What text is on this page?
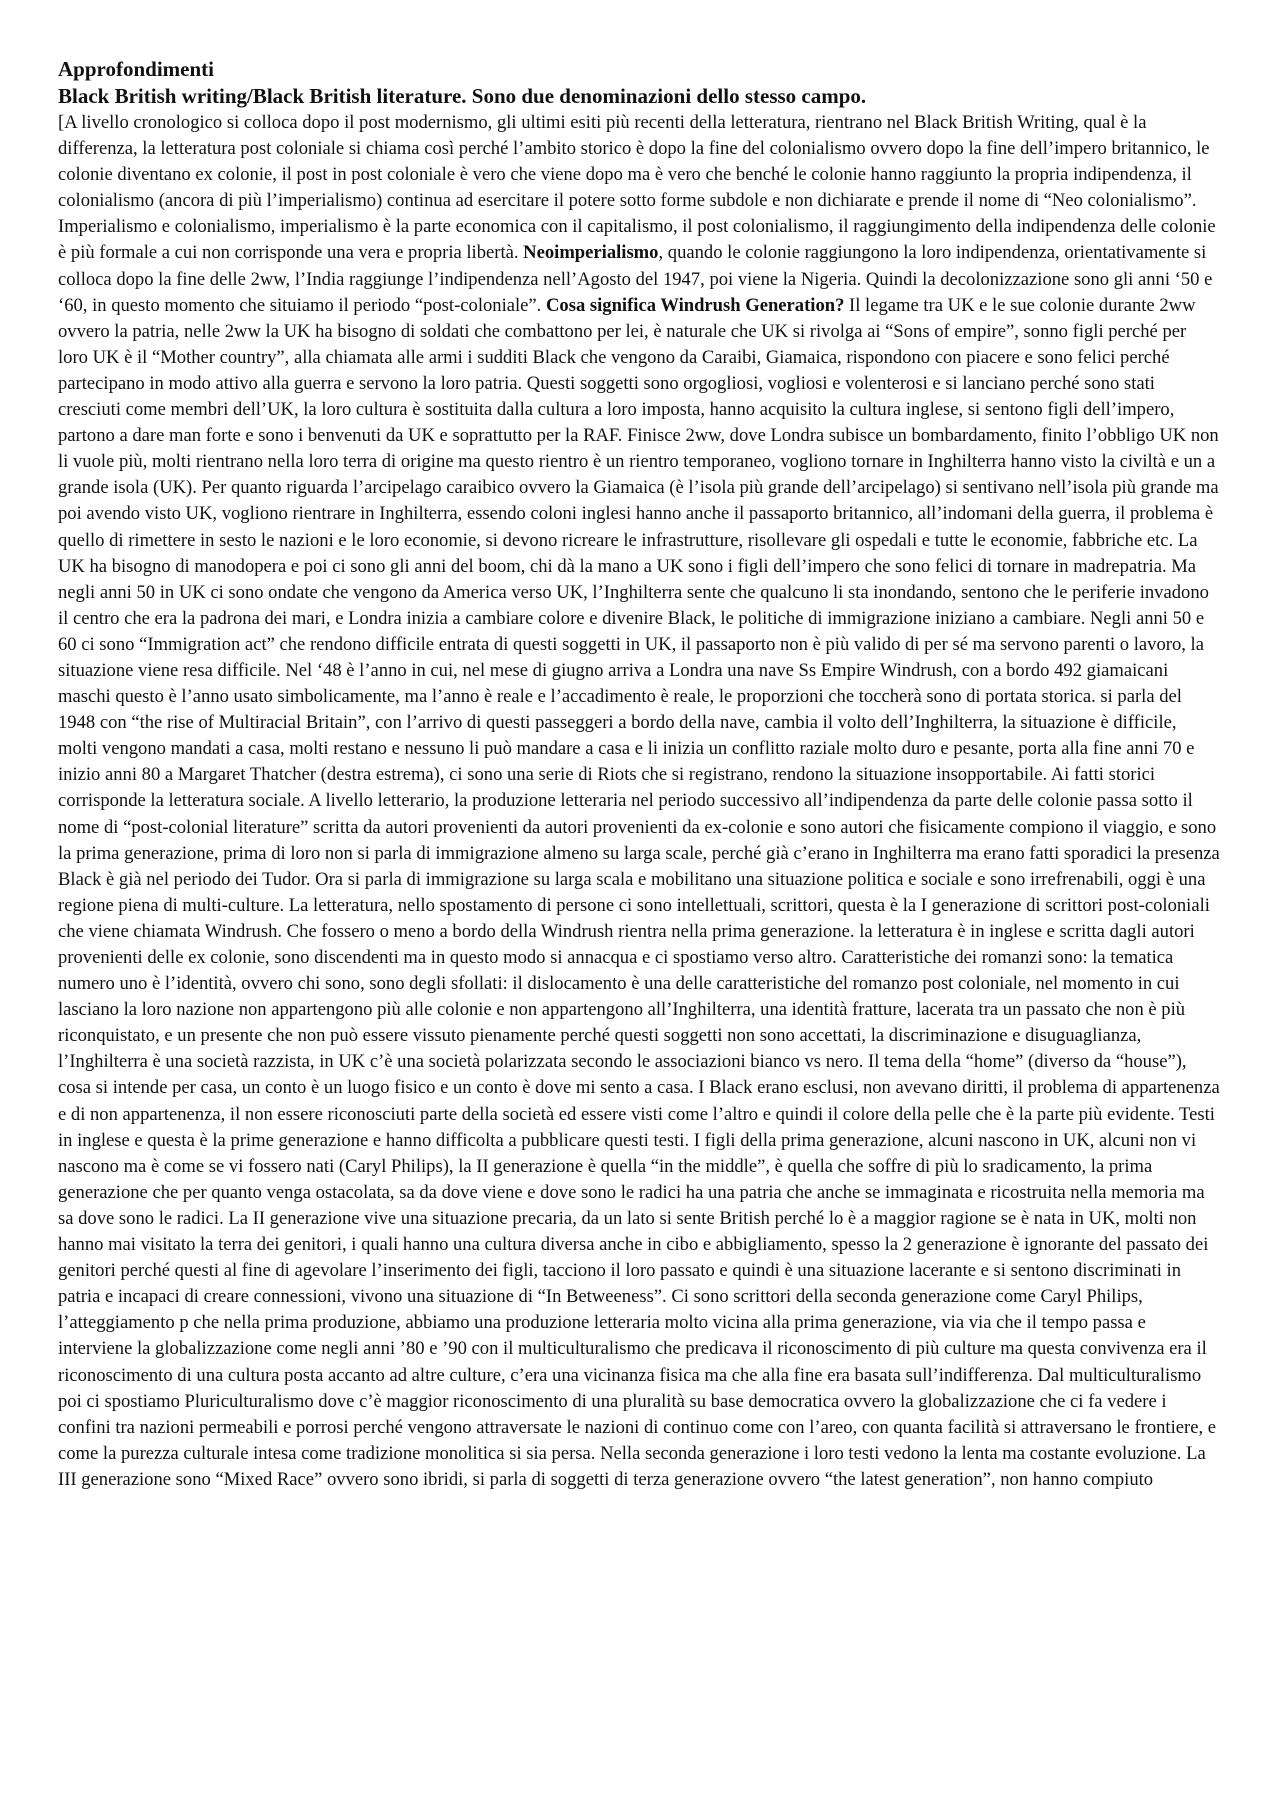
Approfondimenti

Black British writing/Black British literature. Sono due denominazioni dello stesso campo.

[A livello cronologico si colloca dopo il post modernismo, gli ultimi esiti più recenti della letteratura, rientrano nel Black British Writing, qual è la differenza, la letteratura post coloniale si chiama così perché l’ambito storico è dopo la fine del colonialismo ovvero dopo la fine dell’impero britannico, le colonie diventano ex colonie, il post in post coloniale è vero che viene dopo ma è vero che benché le colonie hanno raggiunto la propria indipendenza, il colonialismo (ancora di più l’imperialismo) continua ad esercitare il potere sotto forme subdole e non dichiarate e prende il nome di “Neo colonialismo”. Imperialismo e colonialismo, imperialismo è la parte economica con il capitalismo, il post colonialismo, il raggiungimento della indipendenza delle colonie è più formale a cui non corrisponde una vera e propria libertà. Neoimperialismo, quando le colonie raggiungono la loro indipendenza, orientativamente si colloca dopo la fine delle 2ww, l’India raggiunge l’indipendenza nell’Agosto del 1947, poi viene la Nigeria. Quindi la decolonizzazione sono gli anni ‘50 e ‘60, in questo momento che situiamo il periodo “post-coloniale”. Cosa significa Windrush Generation? Il legame tra UK e le sue colonie durante 2ww ovvero la patria, nelle 2ww la UK ha bisogno di soldati che combattono per lei, è naturale che UK si rivolga ai “Sons of empire”, sonno figli perché per loro UK è il “Mother country”, alla chiamata alle armi i sudditi Black che vengono da Caraibi, Giamaica, rispondono con piacere e sono felici perché partecipano in modo attivo alla guerra e servono la loro patria. Questi soggetti sono orgogliosi, vogliosi e volenterosi e si lanciano perché sono stati cresciuti come membri dell’UK, la loro cultura è sostituita dalla cultura a loro imposta, hanno acquisito la cultura inglese, si sentono figli dell’impero, partono a dare man forte e sono i benvenuti da UK e soprattutto per la RAF. Finisce 2ww, dove Londra subisce un bombardamento, finito l’obbligo UK non li vuole più, molti rientrano nella loro terra di origine ma questo rientro è un rientro temporaneo, vogliono tornare in Inghilterra hanno visto la civiltà e un a grande isola (UK). Per quanto riguarda l’arcipelago caraibico ovvero la Giamaica (è l’isola più grande dell’arcipelago) si sentivano nell’isola più grande ma poi avendo visto UK, vogliono rientrare in Inghilterra, essendo coloni inglesi hanno anche il passaporto britannico, all’indomani della guerra, il problema è quello di rimettere in sesto le nazioni e le loro economie, si devono ricreare le infrastrutture, risollevare gli ospedali e tutte le economie, fabbriche etc. La UK ha bisogno di manodopera e poi ci sono gli anni del boom, chi dà la mano a UK sono i figli dell’impero che sono felici di tornare in madrepatria. Ma negli anni 50 in UK ci sono ondate che vengono da America verso UK, l’Inghilterra sente che qualcuno li sta inondando, sentono che le periferie invadono il centro che era la padrona dei mari, e Londra inizia a cambiare colore e divenire Black, le politiche di immigrazione iniziano a cambiare. Negli anni 50 e 60 ci sono “Immigration act” che rendono difficile entrata di questi soggetti in UK, il passaporto non è più valido di per sé ma servono parenti o lavoro, la situazione viene resa difficile. Nel ‘48 è l’anno in cui, nel mese di giugno arriva a Londra una nave Ss Empire Windrush, con a bordo 492 giamaicani maschi questo è l’anno usato simbolicamente, ma l’anno è reale e l’accadimento è reale, le proporzioni che toccherà sono di portata storica. si parla del 1948 con “the rise of Multiracial Britain”, con l’arrivo di questi passeggeri a bordo della nave, cambia il volto dell’Inghilterra, la situazione è difficile, molti vengono mandati a casa, molti restano e nessuno li può mandare a casa e li inizia un conflitto raziale molto duro e pesante, porta alla fine anni 70 e inizio anni 80 a Margaret Thatcher (destra estrema), ci sono una serie di Riots che si registrano, rendono la situazione insopportabile. Ai fatti storici corrisponde la letteratura sociale. A livello letterario, la produzione letteraria nel periodo successivo all’indipendenza da parte delle colonie passa sotto il nome di “post-colonial literature” scritta da autori provenienti da autori provenienti da ex-colonie e sono autori che fisicamente compiono il viaggio, e sono la prima generazione, prima di loro non si parla di immigrazione almeno su larga scale, perché già c’erano in Inghilterra ma erano fatti sporadici la presenza Black è già nel periodo dei Tudor. Ora si parla di immigrazione su larga scala e mobilitano una situazione politica e sociale e sono irrefrenabili, oggi è una regione piena di multi-culture. La letteratura, nello spostamento di persone ci sono intellettuali, scrittori, questa è la I generazione di scrittori post-coloniali che viene chiamata Windrush. Che fossero o meno a bordo della Windrush rientra nella prima generazione. la letteratura è in inglese e scritta dagli autori provenienti delle ex colonie, sono discendenti ma in questo modo si annacqua e ci spostiamo verso altro. Caratteristiche dei romanzi sono: la tematica numero uno è l’identità, ovvero chi sono, sono degli sfollati: il dislocamento è una delle caratteristiche del romanzo post coloniale, nel momento in cui lasciano la loro nazione non appartengono più alle colonie e non appartengono all’Inghilterra, una identità fratture, lacerata tra un passato che non è più riconquistato, e un presente che non può essere vissuto pienamente perché questi soggetti non sono accettati, la discriminazione e disuguaglianza, l’Inghilterra è una società razzista, in UK c’è una società polarizzata secondo le associazioni bianco vs nero. Il tema della “home” (diverso da “house”), cosa si intende per casa, un conto è un luogo fisico e un conto è dove mi sento a casa. I Black erano esclusi, non avevano diritti, il problema di appartenenza e di non appartenenza, il non essere riconosciuti parte della società ed essere visti come l’altro e quindi il colore della pelle che è la parte più evidente. Testi in inglese e questa è la prime generazione e hanno difficolta a pubblicare questi testi. I figli della prima generazione, alcuni nascono in UK, alcuni non vi nascono ma è come se vi fossero nati (Caryl Philips), la II generazione è quella “in the middle”, è quella che soffre di più lo sradicamento, la prima generazione che per quanto venga ostacolata, sa da dove viene e dove sono le radici ha una patria che anche se immaginata e ricostruita nella memoria ma sa dove sono le radici. La II generazione vive una situazione precaria, da un lato si sente British perché lo è a maggior ragione se è nata in UK, molti non hanno mai visitato la terra dei genitori, i quali hanno una cultura diversa anche in cibo e abbigliamento, spesso la 2 generazione è ignorante del passato dei genitori perché questi al fine di agevolare l’inserimento dei figli, tacciono il loro passato e quindi è una situazione lacerante e si sentono discriminati in patria e incapaci di creare connessioni, vivono una situazione di “In Betweeness”. Ci sono scrittori della seconda generazione come Caryl Philips, l’atteggiamento p che nella prima produzione, abbiamo una produzione letteraria molto vicina alla prima generazione, via via che il tempo passa e interviene la globalizzazione come negli anni ’80 e ’90 con il multiculturalismo che predicava il riconoscimento di più culture ma questa convivenza era il riconoscimento di una cultura posta accanto ad altre culture, c’era una vicinanza fisica ma che alla fine era basata sull’indifferenza. Dal multiculturalismo poi ci spostiamo Pluriculturalismo dove c’è maggior riconoscimento di una pluralità su base democratica ovvero la globalizzazione che ci fa vedere i confini tra nazioni permeabili e porrosi perché vengono attraversate le nazioni di continuo come con l’areo, con quanta facilità si attraversano le frontiere, e come la purezza culturale intesa come tradizione monolitica si sia persa. Nella seconda generazione i loro testi vedono la lenta ma costante evoluzione. La III generazione sono “Mixed Race” ovvero sono ibridi, si parla di soggetti di terza generazione ovvero “the latest generation”, non hanno compiuto
